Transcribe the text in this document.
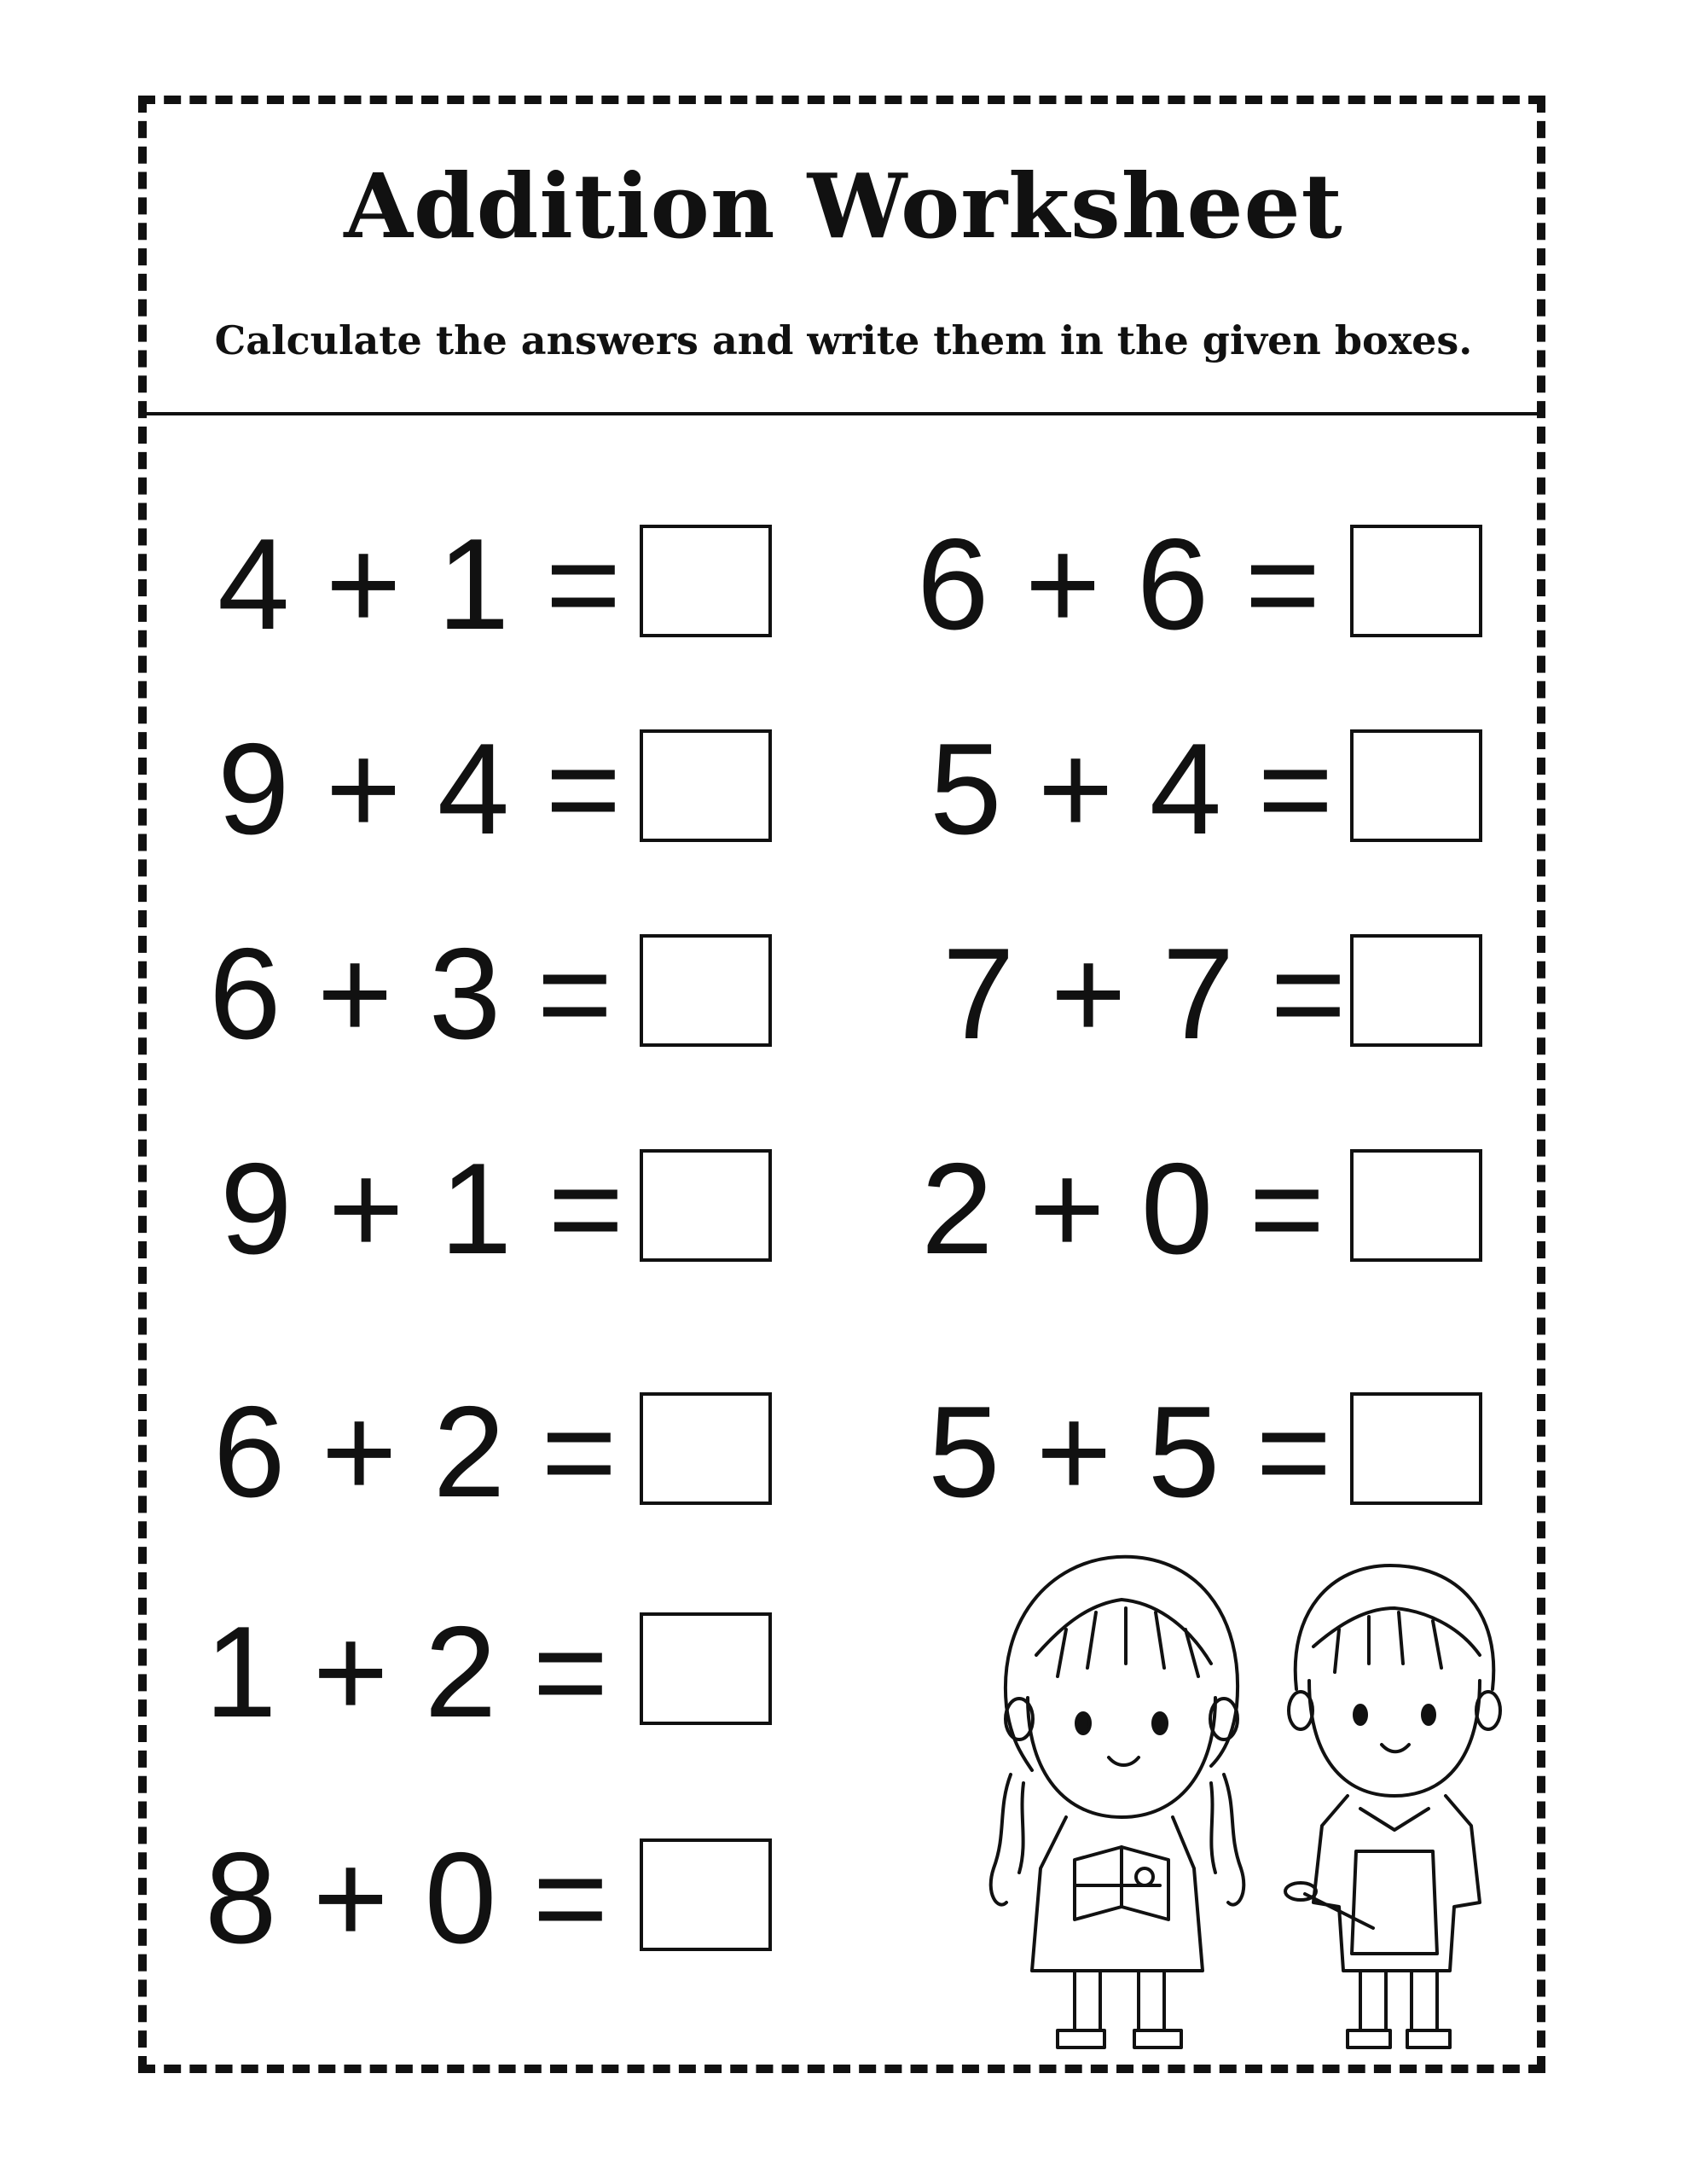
Addition Worksheet
Calculate the answers and write them in the given boxes.
4 + 1 =
9 + 4 =
6 + 3 =
9 + 1 =
6 + 2 =
1 + 2 =
8 + 0 =
6 + 6 =
5 + 4 =
7 + 7 =
2 + 0 =
5 + 5 =
